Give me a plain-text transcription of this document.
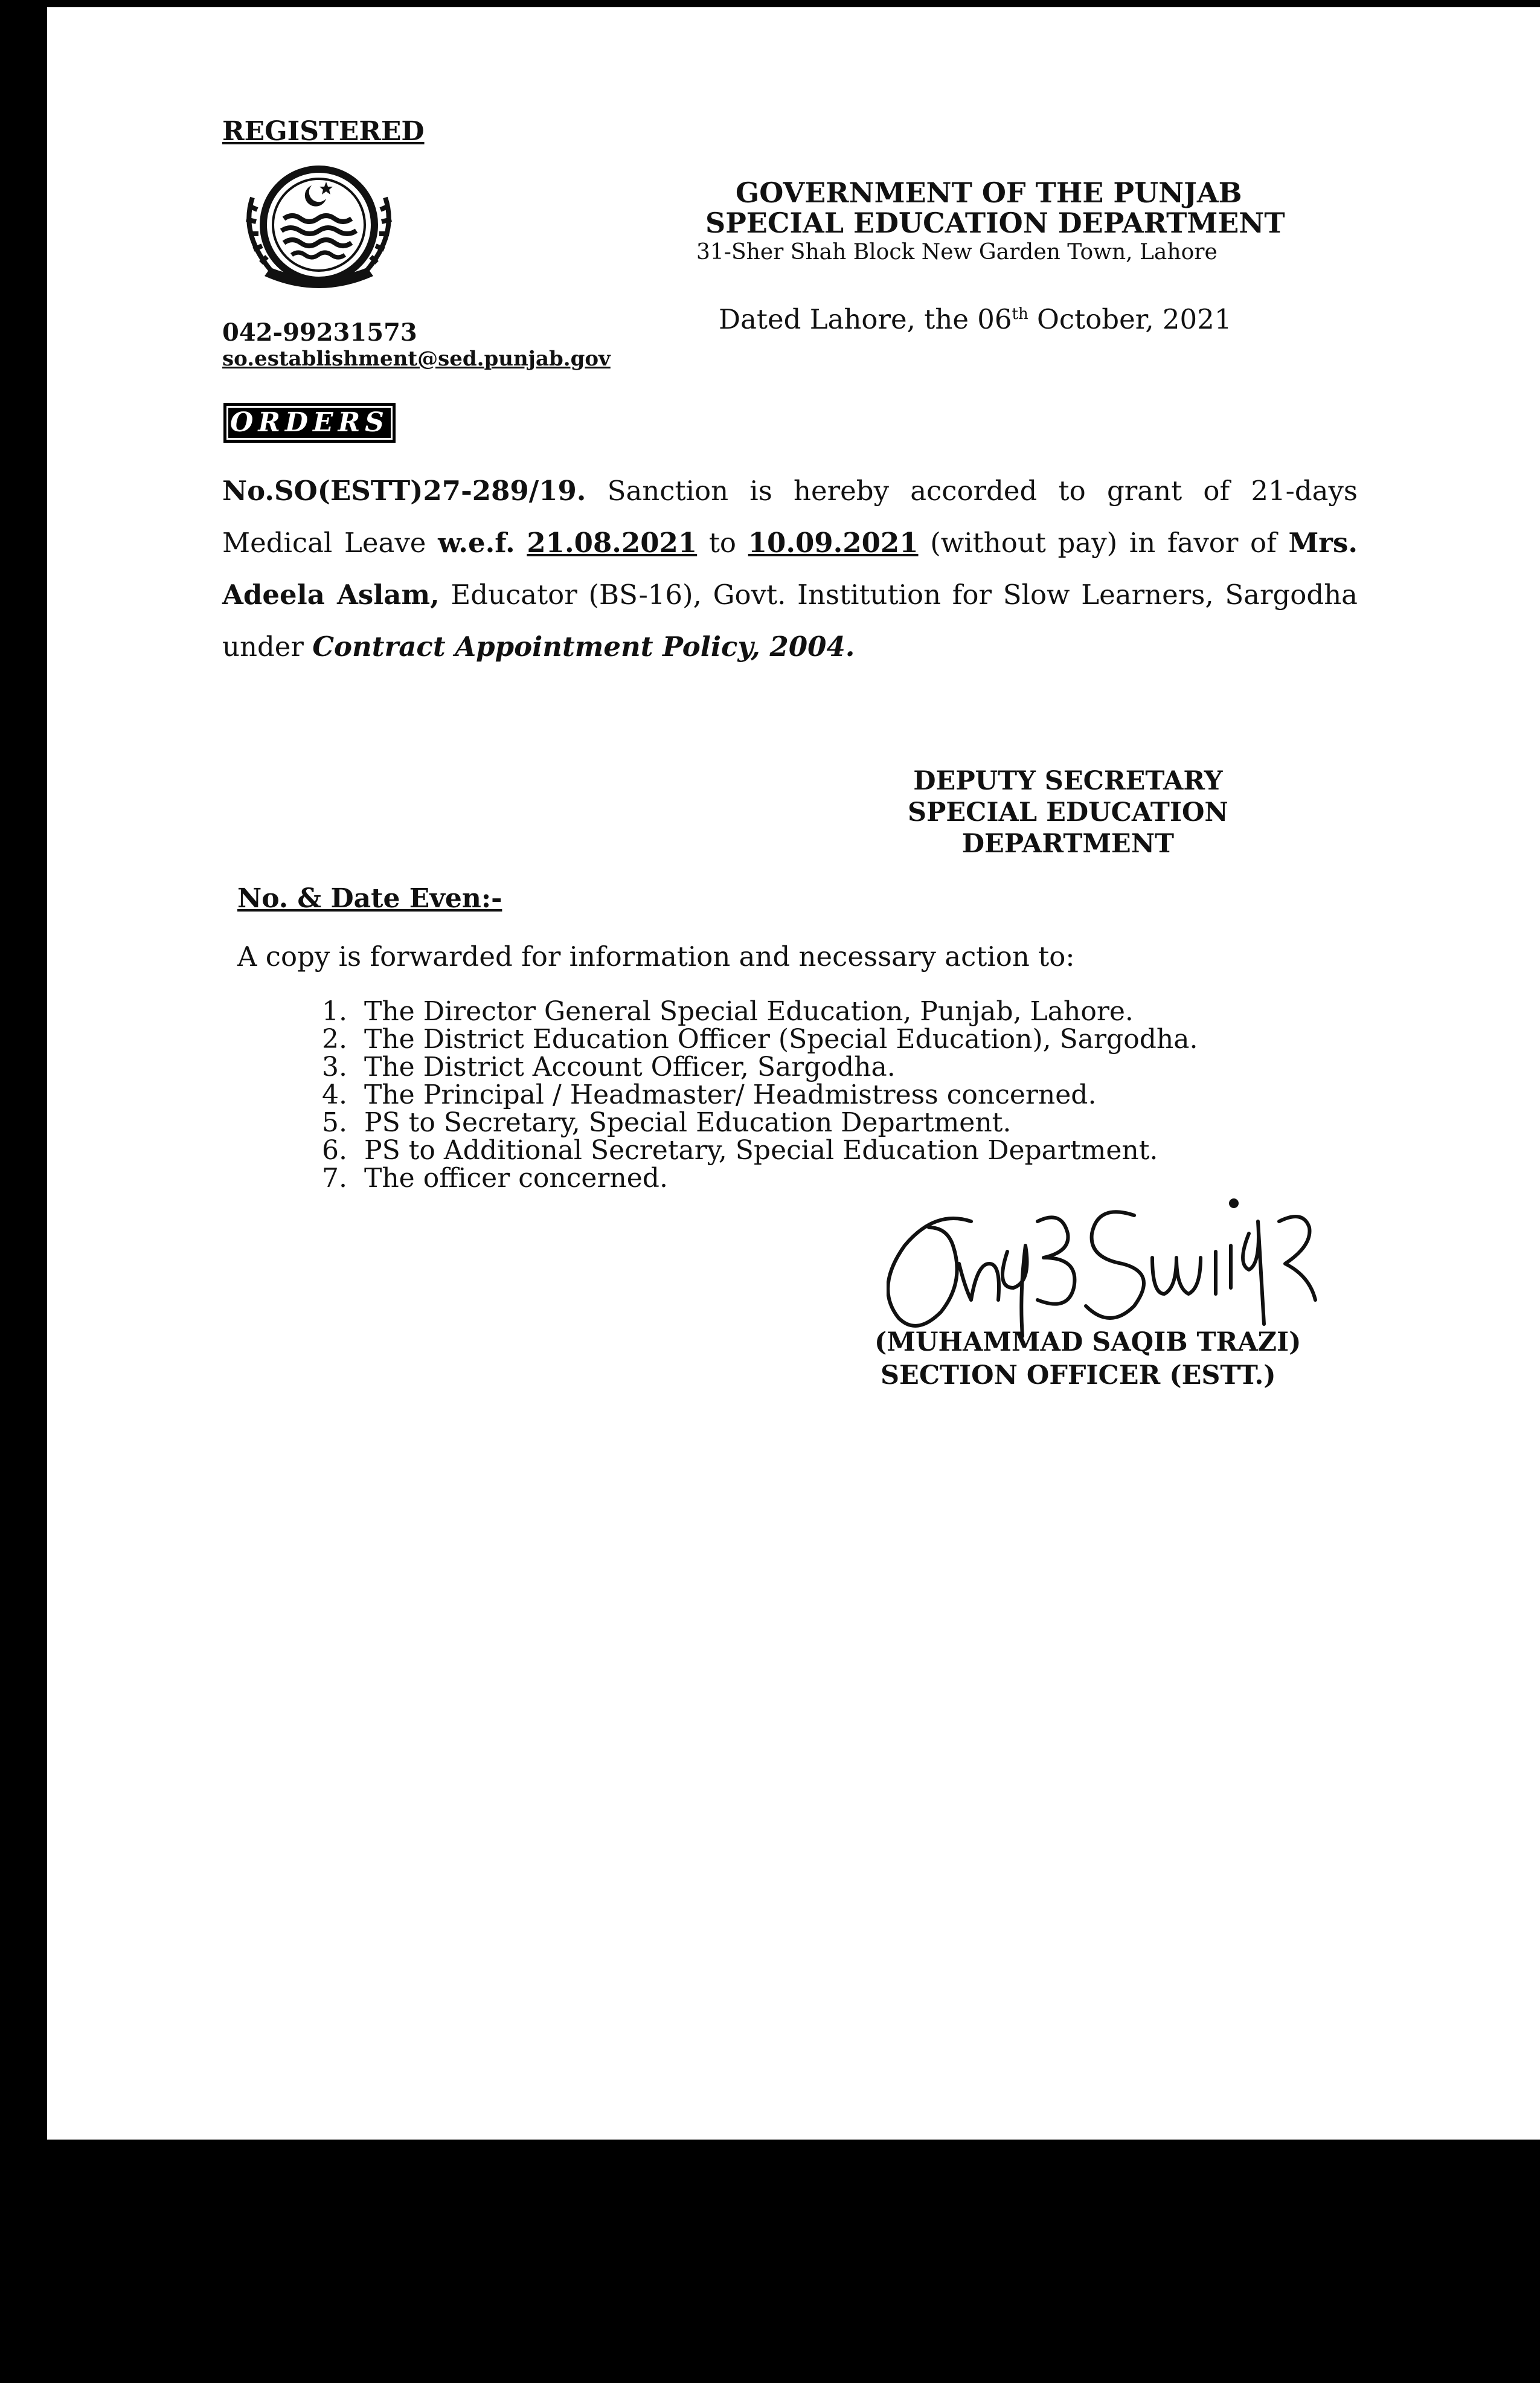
REGISTERED
042-99231573
so.establishment@sed.punjab.gov
GOVERNMENT OF THE PUNJAB
SPECIAL EDUCATION DEPARTMENT
31-Sher Shah Block New Garden Town, Lahore
Dated Lahore, the 06th October, 2021
ORDERS
No.SO(ESTT)27-289/19. Sanction is hereby accorded to grant of 21-days Medical Leave w.e.f. 21.08.2021 to 10.09.2021 (without pay) in favor of Mrs. Adeela Aslam, Educator (BS-16), Govt. Institution for Slow Learners, Sargodha under Contract Appointment Policy, 2004.
DEPUTY SECRETARY
SPECIAL EDUCATION
DEPARTMENT
No. & Date Even:-
A copy is forwarded for information and necessary action to:
1. The Director General Special Education, Punjab, Lahore.
2. The District Education Officer (Special Education), Sargodha.
3. The District Account Officer, Sargodha.
4. The Principal / Headmaster/ Headmistress concerned.
5. PS to Secretary, Special Education Department.
6. PS to Additional Secretary, Special Education Department.
7. The officer concerned.
(MUHAMMAD SAQIB TRAZI)
SECTION OFFICER (ESTT.)
